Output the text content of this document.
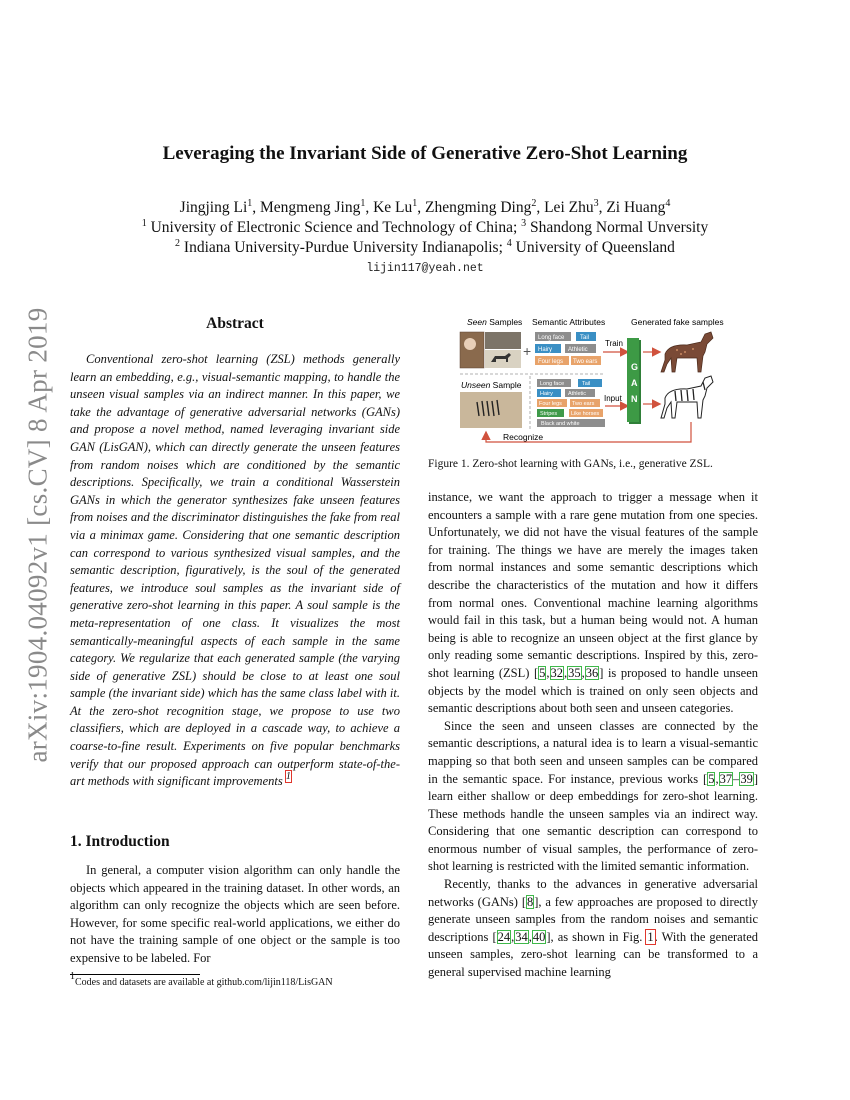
arXiv:1904.04092v1 [cs.CV] 8 Apr 2019
Leveraging the Invariant Side of Generative Zero-Shot Learning
Jingjing Li$^1$, Mengmeng Jing$^1$, Ke Lu$^1$, Zhengming Ding$^2$, Lei Zhu$^3$, Zi Huang$^4$
$^1$ University of Electronic Science and Technology of China; $^3$ Shandong Normal Unversity
$^2$ Indiana University-Purdue University Indianapolis; $^4$ University of Queensland
lijin117@yeah.net
Abstract

Conventional zero-shot learning (ZSL) methods generally learn an embedding, e.g., visual-semantic mapping, to handle the unseen visual samples via an indirect manner. In this paper, we take the advantage of generative adversarial networks (GANs) and propose a novel method, named leveraging invariant side GAN (LisGAN), which can directly generate the unseen features from random noises which are conditioned by the semantic descriptions. Specifically, we train a conditional Wasserstein GANs in which the generator synthesizes fake unseen features from noises and the discriminator distinguishes the fake from real via a minimax game. Considering that one semantic description can correspond to various synthesized visual samples, and the semantic description, figuratively, is the soul of the generated features, we introduce soul samples as the invariant side of generative zero-shot learning in this paper. A soul sample is the meta-representation of one class. It visualizes the most semantically-meaningful aspects of each sample in the same category. We regularize that each generated sample (the varying side of generative ZSL) should be close to at least one soul sample (the invariant side) which has the same class label with it. At the zero-shot recognition stage, we propose to use two classifiers, which are deployed in a cascade way, to achieve a coarse-to-fine result. Experiments on five popular benchmarks verify that our proposed approach can outperform state-of-the-art methods with significant improvements $^1$

1. Introduction

In general, a computer vision algorithm can only handle the objects which appeared in the training dataset. In other words, an algorithm can only recognize the objects which are seen before. However, for some specific real-world applications, we either do not have the training sample of one object or the sample is too expensive to be labeled. For

$^1$Codes and datasets are available at github.com/lijin118/LisGAN
Seen Samples Semantic Attributes	Generated fake samples
+
Long face	Tail
Hairy	Athletic
Four legs Two ears
Unseen Sample	Long face	Tail
Hairy	Athletic
Four legs Two ears
Stripes	Like horses
Black and white
Train
Input
G
A
N
Recognize
Figure 1. Zero-shot learning with GANs, i.e., generative ZSL.

instance, we want the approach to trigger a message when it encounters a sample with a rare gene mutation from one species. Unfortunately, we did not have the visual features of the sample for training. The things we have are merely the images taken from normal instances and some semantic descriptions which describe the characteristics of the mutation and how it differs from normal ones. Conventional machine learning algorithms would fail in this task, but a human being would not. A human being is able to recognize an unseen object at the first glance by only reading some semantic descriptions. Inspired by this, zero-shot learning (ZSL) [5,32,35,36] is proposed to handle unseen objects by the model which is trained on only seen objects and semantic descriptions about both seen and unseen categories.

Since the seen and unseen classes are connected by the semantic descriptions, a natural idea is to learn a visual-semantic mapping so that both seen and unseen samples can be compared in the semantic space. For instance, previous works [5,37–39] learn either shallow or deep embeddings for zero-shot learning. These methods handle the unseen samples via an indirect way. Considering that one semantic description can correspond to enormous number of visual samples, the performance of zero-shot learning is restricted with the limited semantic information.

Recently, thanks to the advances in generative adversarial networks (GANs) [8], a few approaches are proposed to directly generate unseen samples from the random noises and semantic descriptions [24,34,40], as shown in Fig. 1. With the generated unseen samples, zero-shot learning can be transformed to a general supervised machine learning
